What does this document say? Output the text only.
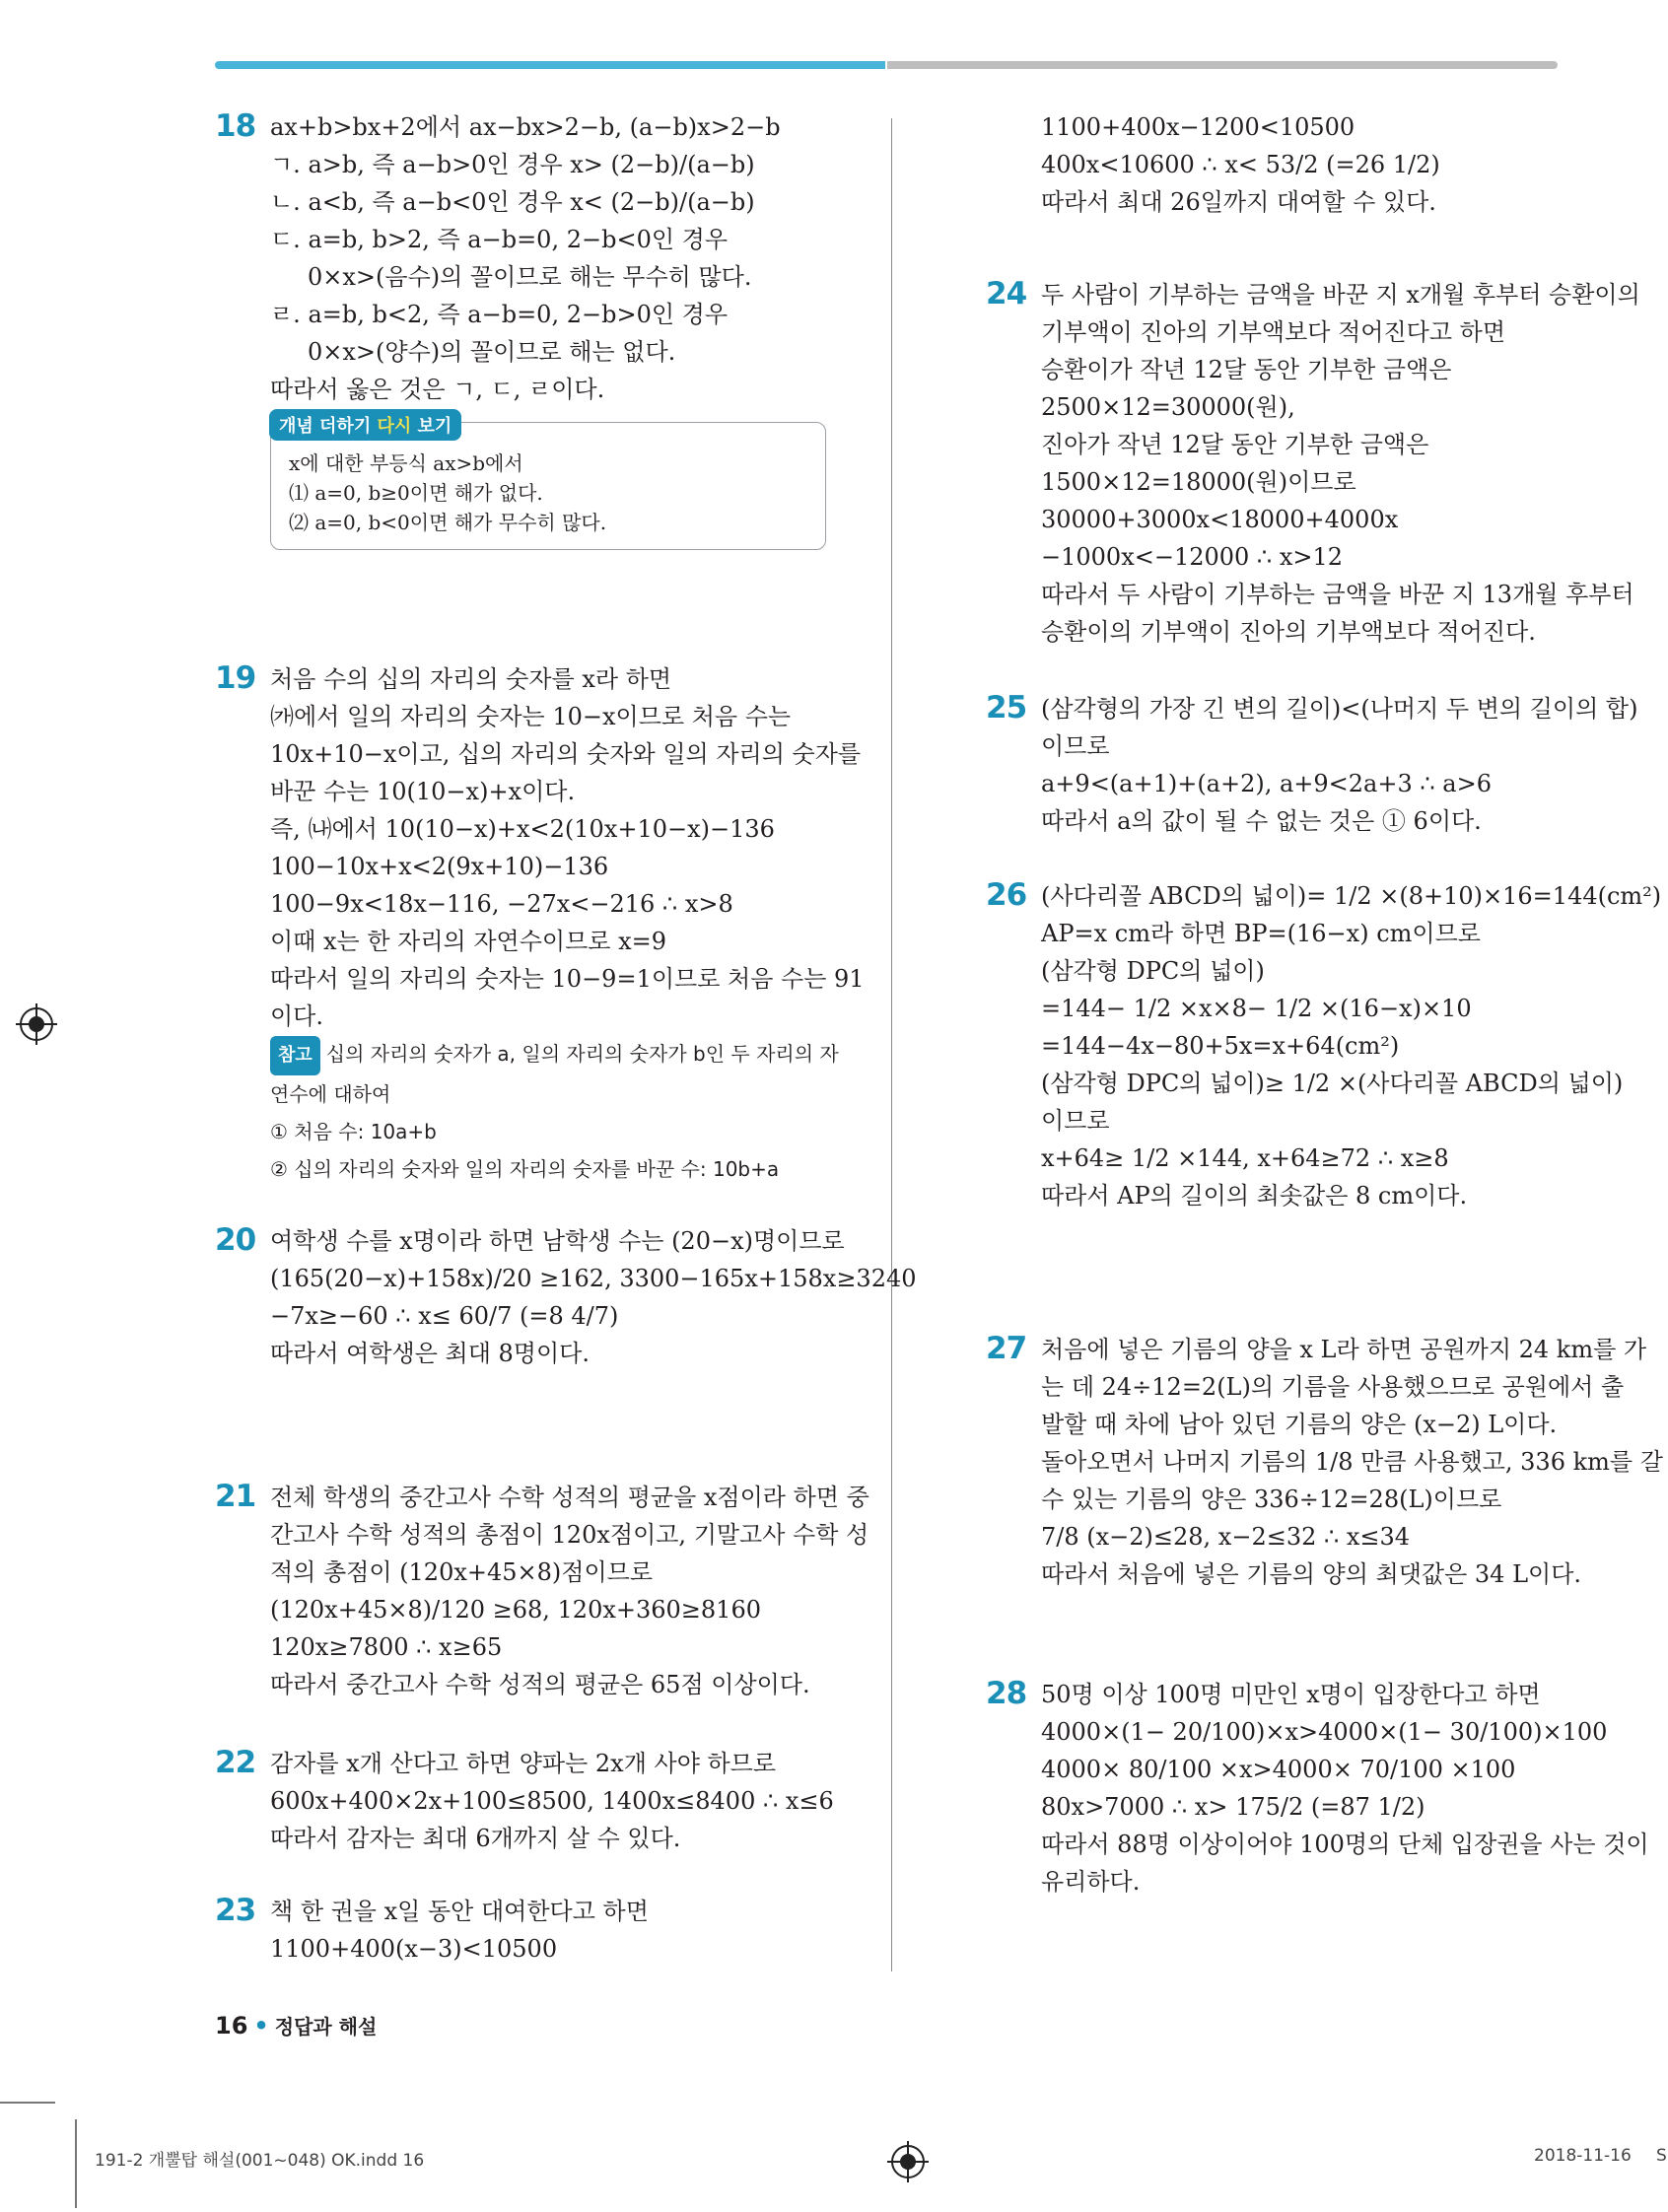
18 ax+b>bx+2에서 ax−bx>2−b, (a−b)x>2−b
ㄱ. a>b, 즉 a−b>0인 경우 x> (2−b)/(a−b)
ㄴ. a<b, 즉 a−b<0인 경우 x< (2−b)/(a−b)
ㄷ. a=b, b>2, 즉 a−b=0, 2−b<0인 경우
0×x>(음수)의 꼴이므로 해는 무수히 많다.
ㄹ. a=b, b<2, 즉 a−b=0, 2−b>0인 경우
0×x>(양수)의 꼴이므로 해는 없다.
따라서 옳은 것은 ㄱ, ㄷ, ㄹ이다.
개념 더하기 다시 보기
x에 대한 부등식 ax>b에서
⑴ a=0, b≥0이면 해가 없다.
⑵ a=0, b<0이면 해가 무수히 많다.
19 처음 수의 십의 자리의 숫자를 x라 하면
㈎에서 일의 자리의 숫자는 10−x이므로 처음 수는
10x+10−x이고, 십의 자리의 숫자와 일의 자리의 숫자를
바꾼 수는 10(10−x)+x이다.
즉, ㈏에서 10(10−x)+x<2(10x+10−x)−136
100−10x+x<2(9x+10)−136
100−9x<18x−116, −27x<−216 ∴ x>8
이때 x는 한 자리의 자연수이므로 x=9
따라서 일의 자리의 숫자는 10−9=1이므로 처음 수는 91
이다.
참고 십의 자리의 숫자가 a, 일의 자리의 숫자가 b인 두 자리의 자
연수에 대하여
① 처음 수: 10a+b
② 십의 자리의 숫자와 일의 자리의 숫자를 바꾼 수: 10b+a
20 여학생 수를 x명이라 하면 남학생 수는 (20−x)명이므로
(165(20−x)+158x)/20 ≥162, 3300−165x+158x≥3240
−7x≥−60 ∴ x≤ 60/7 (=8 4/7)
따라서 여학생은 최대 8명이다.
21 전체 학생의 중간고사 수학 성적의 평균을 x점이라 하면 중
간고사 수학 성적의 총점이 120x점이고, 기말고사 수학 성
적의 총점이 (120x+45×8)점이므로
(120x+45×8)/120 ≥68, 120x+360≥8160
120x≥7800 ∴ x≥65
따라서 중간고사 수학 성적의 평균은 65점 이상이다.
22 감자를 x개 산다고 하면 양파는 2x개 사야 하므로
600x+400×2x+100≤8500, 1400x≤8400 ∴ x≤6
따라서 감자는 최대 6개까지 살 수 있다.
23 책 한 권을 x일 동안 대여한다고 하면
1100+400(x−3)<10500
1100+400x−1200<10500
400x<10600 ∴ x< 53/2 (=26 1/2)
따라서 최대 26일까지 대여할 수 있다.
24 두 사람이 기부하는 금액을 바꾼 지 x개월 후부터 승환이의
기부액이 진아의 기부액보다 적어진다고 하면
승환이가 작년 12달 동안 기부한 금액은
2500×12=30000(원),
진아가 작년 12달 동안 기부한 금액은
1500×12=18000(원)이므로
30000+3000x<18000+4000x
−1000x<−12000 ∴ x>12
따라서 두 사람이 기부하는 금액을 바꾼 지 13개월 후부터
승환이의 기부액이 진아의 기부액보다 적어진다.
25 (삼각형의 가장 긴 변의 길이)<(나머지 두 변의 길이의 합)
이므로
a+9<(a+1)+(a+2), a+9<2a+3 ∴ a>6
따라서 a의 값이 될 수 없는 것은 ① 6이다.
26 (사다리꼴 ABCD의 넓이)= 1/2 ×(8+10)×16=144(cm²)
AP=x cm라 하면 BP=(16−x) cm이므로
(삼각형 DPC의 넓이)
=144− 1/2 ×x×8− 1/2 ×(16−x)×10
=144−4x−80+5x=x+64(cm²)
(삼각형 DPC의 넓이)≥ 1/2 ×(사다리꼴 ABCD의 넓이)
이므로
x+64≥ 1/2 ×144, x+64≥72 ∴ x≥8
따라서 AP의 길이의 최솟값은 8 cm이다.
27 처음에 넣은 기름의 양을 x L라 하면 공원까지 24 km를 가
는 데 24÷12=2(L)의 기름을 사용했으므로 공원에서 출
발할 때 차에 남아 있던 기름의 양은 (x−2) L이다.
돌아오면서 나머지 기름의 1/8 만큼 사용했고, 336 km를 갈
수 있는 기름의 양은 336÷12=28(L)이므로
7/8 (x−2)≤28, x−2≤32 ∴ x≤34
따라서 처음에 넣은 기름의 양의 최댓값은 34 L이다.
28 50명 이상 100명 미만인 x명이 입장한다고 하면
4000×(1− 20/100)×x>4000×(1− 30/100)×100
4000× 80/100 ×x>4000× 70/100 ×100
80x>7000 ∴ x> 175/2 (=87 1/2)
따라서 88명 이상이어야 100명의 단체 입장권을 사는 것이
유리하다.
16 • 정답과 해설
191-2 개뿔탑 해설(001~048) OK.indd 16	2018-11-16 S
